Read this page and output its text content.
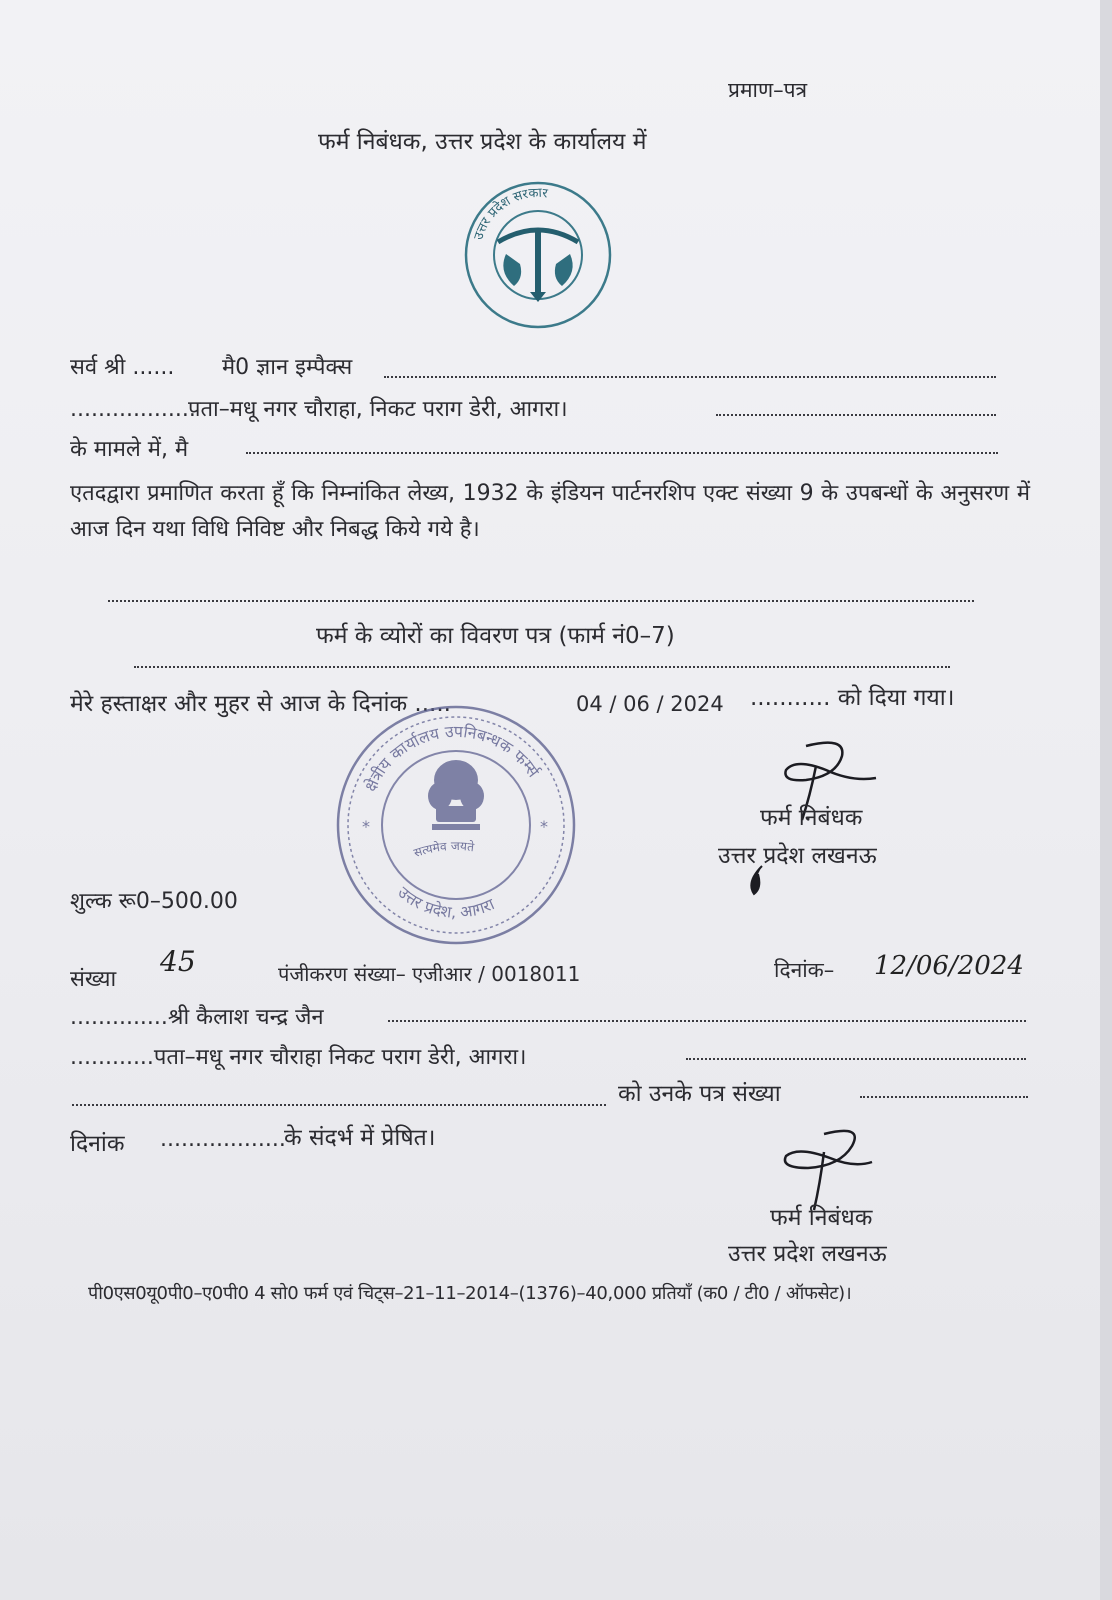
प्रमाण–पत्र
फर्म निबंधक, उत्तर प्रदेश के कार्यालय में
उत्तर प्रदेश सरकार
सर्व श्री ...... मै0 ज्ञान इम्पैक्स
..................
पता–मधू नगर चौराहा, निकट पराग डेरी, आगरा।
के मामले में, मै
एतदद्वारा प्रमाणित करता हूँ कि निम्नांकित लेख्य, 1932 के इंडियन पार्टनरशिप एक्ट संख्या 9 के उपबन्धों के अनुसरण में आज दिन यथा विधि निविष्ट और निबद्ध किये गये है।
फर्म के व्योरों का विवरण पत्र (फार्म नं0–7)
मेरे हस्ताक्षर और मुहर से आज के दिनांक .....	04 / 06 / 2024 ........... को दिया गया।
क्षेत्रीय कार्यालय उपनिबन्धक फर्म्स
उत्तर प्रदेश, आगरा
सत्यमेव जयते
*	*	फर्म निबंधक
उत्तर प्रदेश लखनऊ
शुल्क रू0–500.00
संख्या
45	पंजीकरण संख्या– एजीआर / 0018011	दिनांक– 12/06/2024
..............श्री कैलाश चन्द्र जैन
............पता–मधू नगर चौराहा निकट पराग डेरी, आगरा।
को उनके पत्र संख्या
दिनांक ..................
के संदर्भ में प्रेषित।
फर्म निबंधक
उत्तर प्रदेश लखनऊ
पी0एस0यू0पी0–ए0पी0 4 सो0 फर्म एवं चिट्स–21–11–2014–(1376)–40,000 प्रतियाँ (क0 / टी0 / ऑफसेट)।
